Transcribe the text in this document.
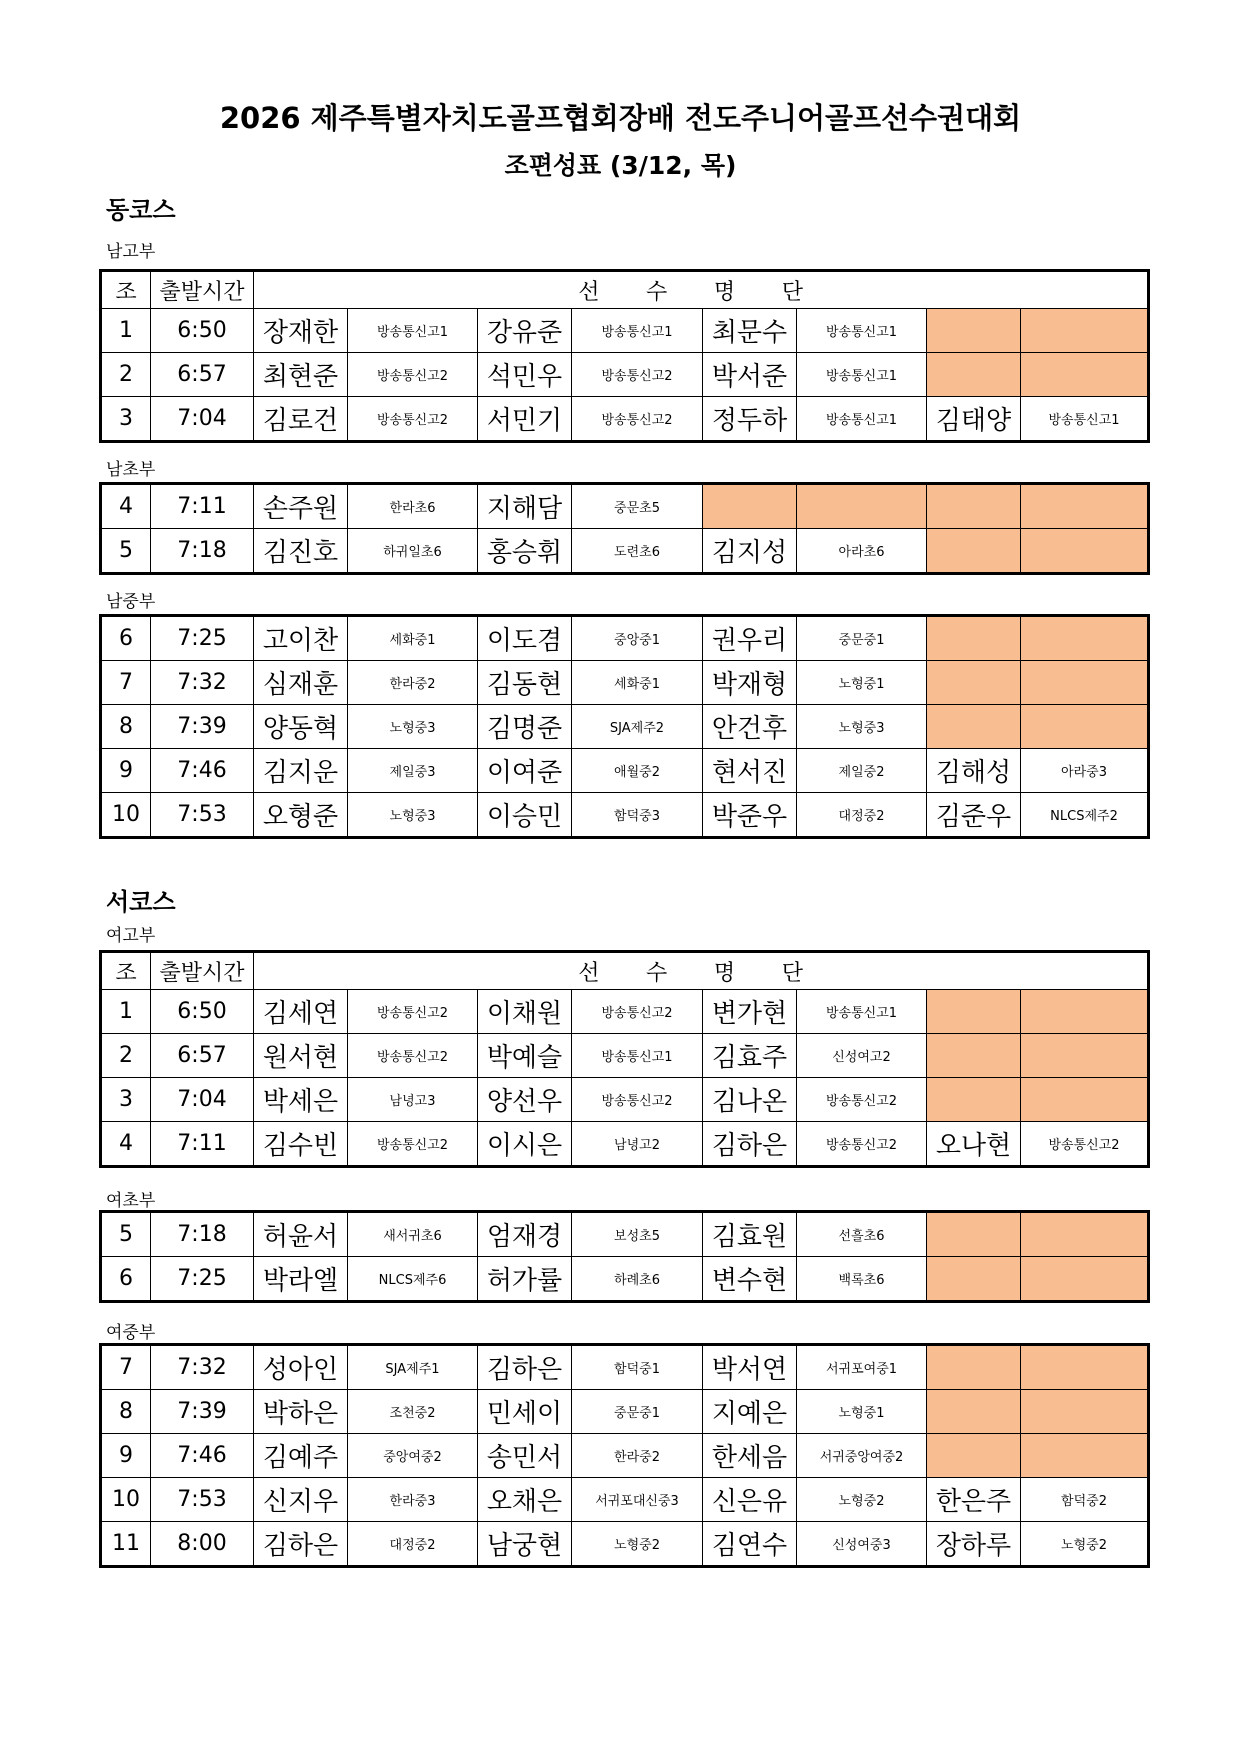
2026 제주특별자치도골프협회장배 전도주니어골프선수권대회
조편성표 (3/12, 목)
동코스
남고부
조	출발시간	선 수 명 단							
1	6:50	장재한	방송통신고1	강유준	방송통신고1	최문수	방송통신고1		
2	6:57	최현준	방송통신고2	석민우	방송통신고2	박서준	방송통신고1		
3	7:04	김로건	방송통신고2	서민기	방송통신고2	정두하	방송통신고1	김태양	방송통신고1
남초부
4	7:11	손주원	한라초6	지해담	중문초5				
5	7:18	김진호	하귀일초6	홍승휘	도련초6	김지성	아라초6		
남중부
6	7:25	고이찬	세화중1	이도겸	중앙중1	권우리	중문중1		
7	7:32	심재훈	한라중2	김동현	세화중1	박재형	노형중1		
8	7:39	양동혁	노형중3	김명준	SJA제주2	안건후	노형중3		
9	7:46	김지운	제일중3	이여준	애월중2	현서진	제일중2	김해성	아라중3
10	7:53	오형준	노형중3	이승민	함덕중3	박준우	대정중2	김준우	NLCS제주2
서코스
여고부
조	출발시간	선 수 명 단							
1	6:50	김세연	방송통신고2	이채원	방송통신고2	변가현	방송통신고1		
2	6:57	원서현	방송통신고2	박예슬	방송통신고1	김효주	신성여고2		
3	7:04	박세은	남녕고3	양선우	방송통신고2	김나온	방송통신고2		
4	7:11	김수빈	방송통신고2	이시은	남녕고2	김하은	방송통신고2	오나현	방송통신고2
여초부
5	7:18	허윤서	새서귀초6	엄재경	보성초5	김효원	선흘초6		
6	7:25	박라엘	NLCS제주6	허가률	하례초6	변수현	백록초6		
여중부
7	7:32	성아인	SJA제주1	김하은	함덕중1	박서연	서귀포여중1		
8	7:39	박하은	조천중2	민세이	중문중1	지예은	노형중1		
9	7:46	김예주	중앙여중2	송민서	한라중2	한세음	서귀중앙여중2		
10	7:53	신지우	한라중3	오채은	서귀포대신중3	신은유	노형중2	한은주	함덕중2
11	8:00	김하은	대정중2	남궁현	노형중2	김연수	신성여중3	장하루	노형중2
